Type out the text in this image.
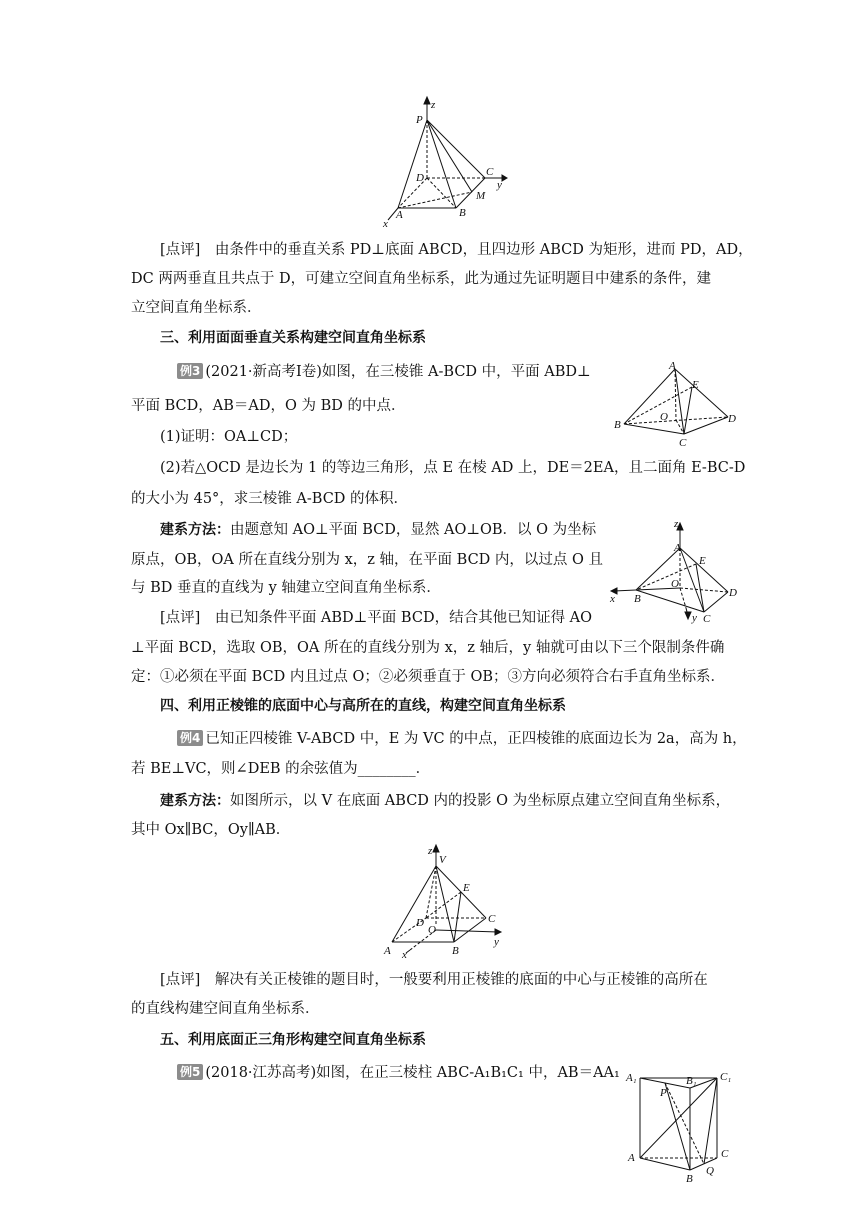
P
z
D	C
y
M
A	B
x
[点评]　由条件中的垂直关系 PD⊥底面 ABCD，且四边形 ABCD 为矩形，进而 PD，AD，
DC 两两垂直且共点于 D，可建立空间直角坐标系，此为通过先证明题目中建系的条件，建
立空间直角坐标系．
三、利用面面垂直关系构建空间直角坐标系
例3 (2021·新高考Ⅰ卷)如图，在三棱锥 A-BCD 中，平面 ABD⊥
平面 BCD，AB＝AD，O 为 BD 的中点．
(1)证明：OA⊥CD；
(2)若△OCD 是边长为 1 的等边三角形，点 E 在棱 AD 上，DE＝2EA，且二面角 E-BC-D
的大小为 45°，求三棱锥 A-BCD 的体积．
A
E
O
B	D
C
建系方法：由题意知 AO⊥平面 BCD，显然 AO⊥OB．以 O 为坐标
原点，OB，OA 所在直线分别为 x，z 轴，在平面 BCD 内，以过点 O 且
与 BD 垂直的直线为 y 轴建立空间直角坐标系．
z
A
E
O
x B	D
C
y
[点评]　由已知条件平面 ABD⊥平面 BCD，结合其他已知证得 AO
⊥平面 BCD，选取 OB，OA 所在的直线分别为 x，z 轴后，y 轴就可由以下三个限制条件确
定：①必须在平面 BCD 内且过点 O；②必须垂直于 OB；③方向必须符合右手直角坐标系．
四、利用正棱锥的底面中心与高所在的直线，构建空间直角坐标系
例4 已知正四棱锥 V-ABCD 中，E 为 VC 的中点，正四棱锥的底面边长为 2a，高为 h，
若 BE⊥VC，则∠DEB 的余弦值为________．
建系方法：如图所示，以 V 在底面 ABCD 内的投影 O 为坐标原点建立空间直角坐标系，
其中 Ox∥BC，Oy∥AB．
z
V
E
D
O
C
A x	B
y
[点评]　解决有关正棱锥的题目时，一般要利用正棱锥的底面的中心与正棱锥的高所在
的直线构建空间直角坐标系．
五、利用底面正三角形构建空间直角坐标系
例5 (2018·江苏高考)如图，在正三棱柱 ABC-A₁B₁C₁ 中，AB＝AA₁ A₁
P
B₁ C₁
A	C
B
Q
